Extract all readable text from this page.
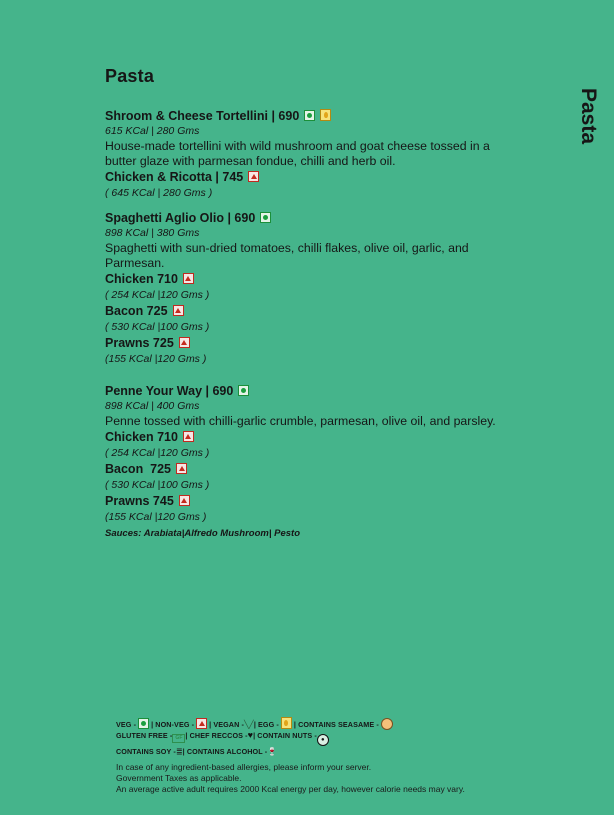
Pasta
Pasta
Shroom & Cheese Tortellini | 690
615 KCal | 280 Gms
House-made tortellini with wild mushroom and goat cheese tossed in a butter glaze with parmesan fondue, chilli and herb oil.
Chicken & Ricotta | 745
( 645 KCal | 280 Gms )
Spaghetti Aglio Olio | 690
898 KCal | 380 Gms
Spaghetti with sun-dried tomatoes, chilli flakes, olive oil, garlic, and Parmesan.
Chicken 710
( 254 KCal |120 Gms )
Bacon 725
( 530 KCal |100 Gms )
Prawns 725
(155 KCal |120 Gms )
Penne Your Way | 690
898 KCal | 400 Gms
Penne tossed with chilli-garlic crumble, parmesan, olive oil, and parsley.
Chicken 710
( 254 KCal |120 Gms )
Bacon  725
( 530 KCal |100 Gms )
Prawns 745
(155 KCal |120 Gms )
Sauces: Arabiata|Alfredo Mushroom| Pesto
VEG - | NON-VEG - | VEGAN -╲╱| EGG - | CONTAINS SEASAME -
GLUTEN FREE - GF | CHEF RECCOS -♥| CONTAIN NUTS - ●
CONTAINS SOY -≣| CONTAINS ALCOHOL -🍷
In case of any ingredient-based allergies, please inform your server.
Government Taxes as applicable.
An average active adult requires 2000 Kcal energy per day, however calorie needs may vary.
